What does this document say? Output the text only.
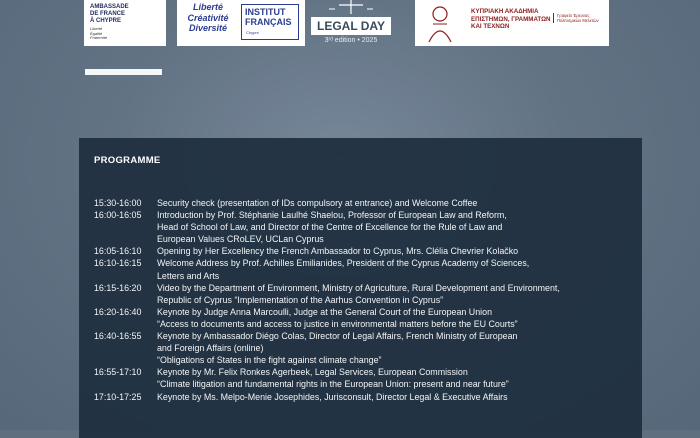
AMBASSADE
DE FRANCE
À CHYPRE
Liberté
Égalité
Fraternité
Liberté
Créativité
Diversité
INSTITUT
FRANÇAIS
Chypre	LEGAL DAY
3ʳᵈ edition • 2025
ΚΥΠΡΙΑΚΗ ΑΚΑΔΗΜΙΑ
ΕΠΙΣΤΗΜΩΝ, ΓΡΑΜΜΑΤΩΝ
ΚΑΙ ΤΕΧΝΩΝ
Γραφείο Έρευνας
Πολιτισμικών Μελετών
PROGRAMME
15:30-16:00	Security check (presentation of IDs compulsory at entrance) and Welcome Coffee
16:00-16:05	Introduction by Prof. Stéphanie Laulhé Shaelou, Professor of European Law and Reform,
Head of School of Law, and Director of the Centre of Excellence for the Rule of Law and
European Values CRoLEV, UCLan Cyprus
16:05-16:10	Opening by Her Excellency the French Ambassador to Cyprus, Mrs. Clélia Chevrier Kolačko
16:10-16:15	Welcome Address by Prof. Achilles Emilianides, President of the Cyprus Academy of Sciences,
Letters and Arts
16:15-16:20	Video by the Department of Environment, Ministry of Agriculture, Rural Development and Environment,
Republic of Cyprus “Implementation of the Aarhus Convention in Cyprus”
16:20-16:40	Keynote by Judge Anna Marcoulli, Judge at the General Court of the European Union
“Access to documents and access to justice in environmental matters before the EU Courts”
16:40-16:55	Keynote by Ambassador Diégo Colas, Director of Legal Affairs, French Ministry of European
and Foreign Affairs (online)
“Obligations of States in the fight against climate change”
16:55-17:10	Keynote by Mr. Felix Ronkes Agerbeek, Legal Services, European Commission
“Climate litigation and fundamental rights in the European Union: present and near future”
17:10-17:25	Keynote by Ms. Melpo-Menie Josephides, Jurisconsult, Director Legal & Executive Affairs
